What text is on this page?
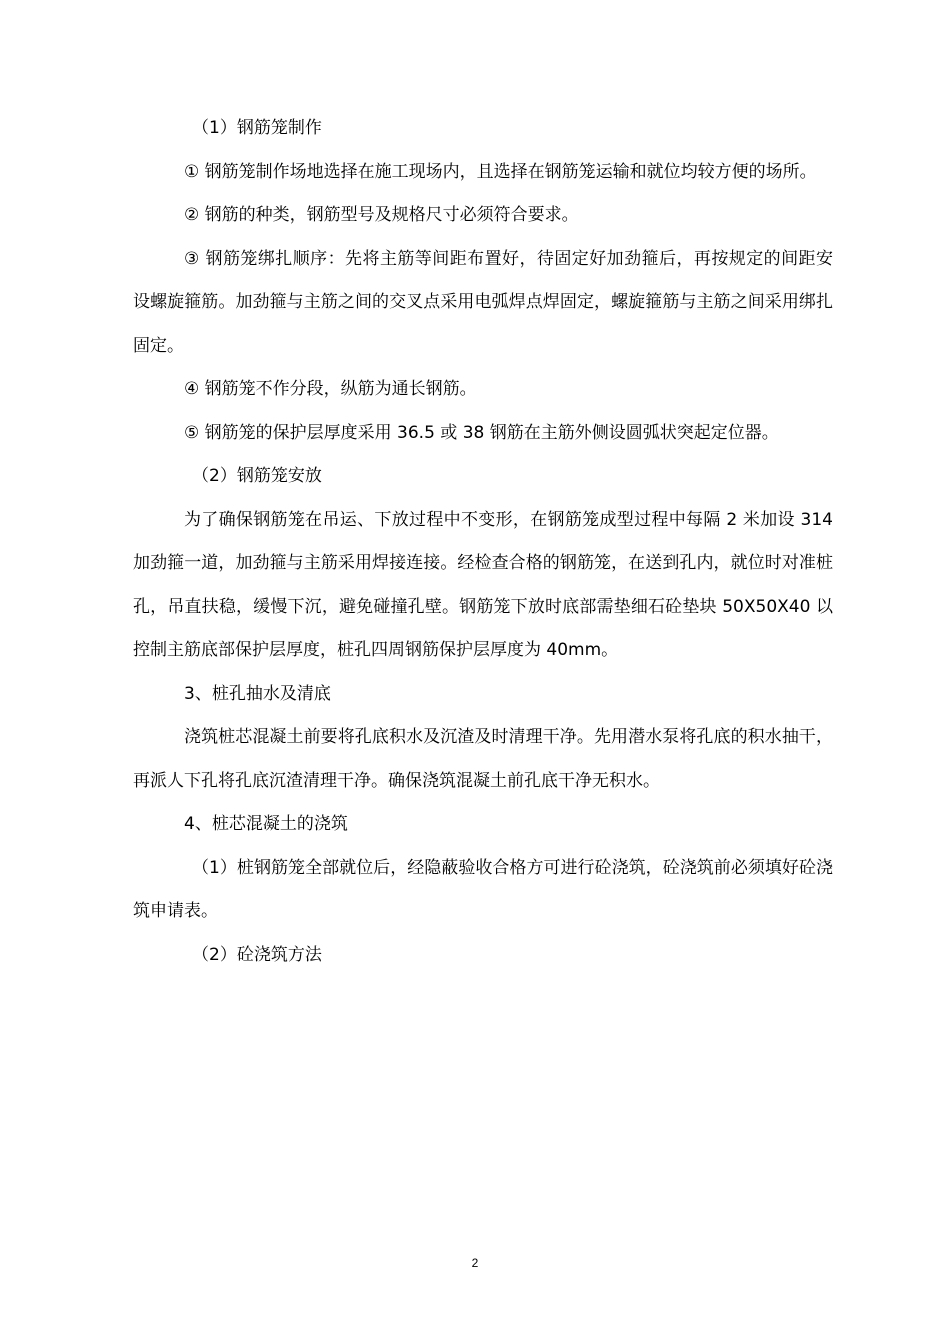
（1）钢筋笼制作

① 钢筋笼制作场地选择在施工现场内，且选择在钢筋笼运输和就位均较方便的场所。

② 钢筋的种类，钢筋型号及规格尺寸必须符合要求。

③ 钢筋笼绑扎顺序：先将主筋等间距布置好，待固定好加劲箍后，再按规定的间距安设螺旋箍筋。加劲箍与主筋之间的交叉点采用电弧焊点焊固定，螺旋箍筋与主筋之间采用绑扎固定。

④ 钢筋笼不作分段，纵筋为通长钢筋。

⑤ 钢筋笼的保护层厚度采用 36.5 或 38 钢筋在主筋外侧设圆弧状突起定位器。

（2）钢筋笼安放

为了确保钢筋笼在吊运、下放过程中不变形，在钢筋笼成型过程中每隔 2 米加设 314 加劲箍一道，加劲箍与主筋采用焊接连接。经检查合格的钢筋笼，在送到孔内，就位时对准桩孔，吊直扶稳，缓慢下沉，避免碰撞孔壁。钢筋笼下放时底部需垫细石砼垫块 50X50X40 以控制主筋底部保护层厚度，桩孔四周钢筋保护层厚度为 40mm。

3、桩孔抽水及清底

浇筑桩芯混凝土前要将孔底积水及沉渣及时清理干净。先用潜水泵将孔底的积水抽干，再派人下孔将孔底沉渣清理干净。确保浇筑混凝土前孔底干净无积水。

4、桩芯混凝土的浇筑

（1）桩钢筋笼全部就位后，经隐蔽验收合格方可进行砼浇筑，砼浇筑前必须填好砼浇筑申请表。

（2）砼浇筑方法

2
